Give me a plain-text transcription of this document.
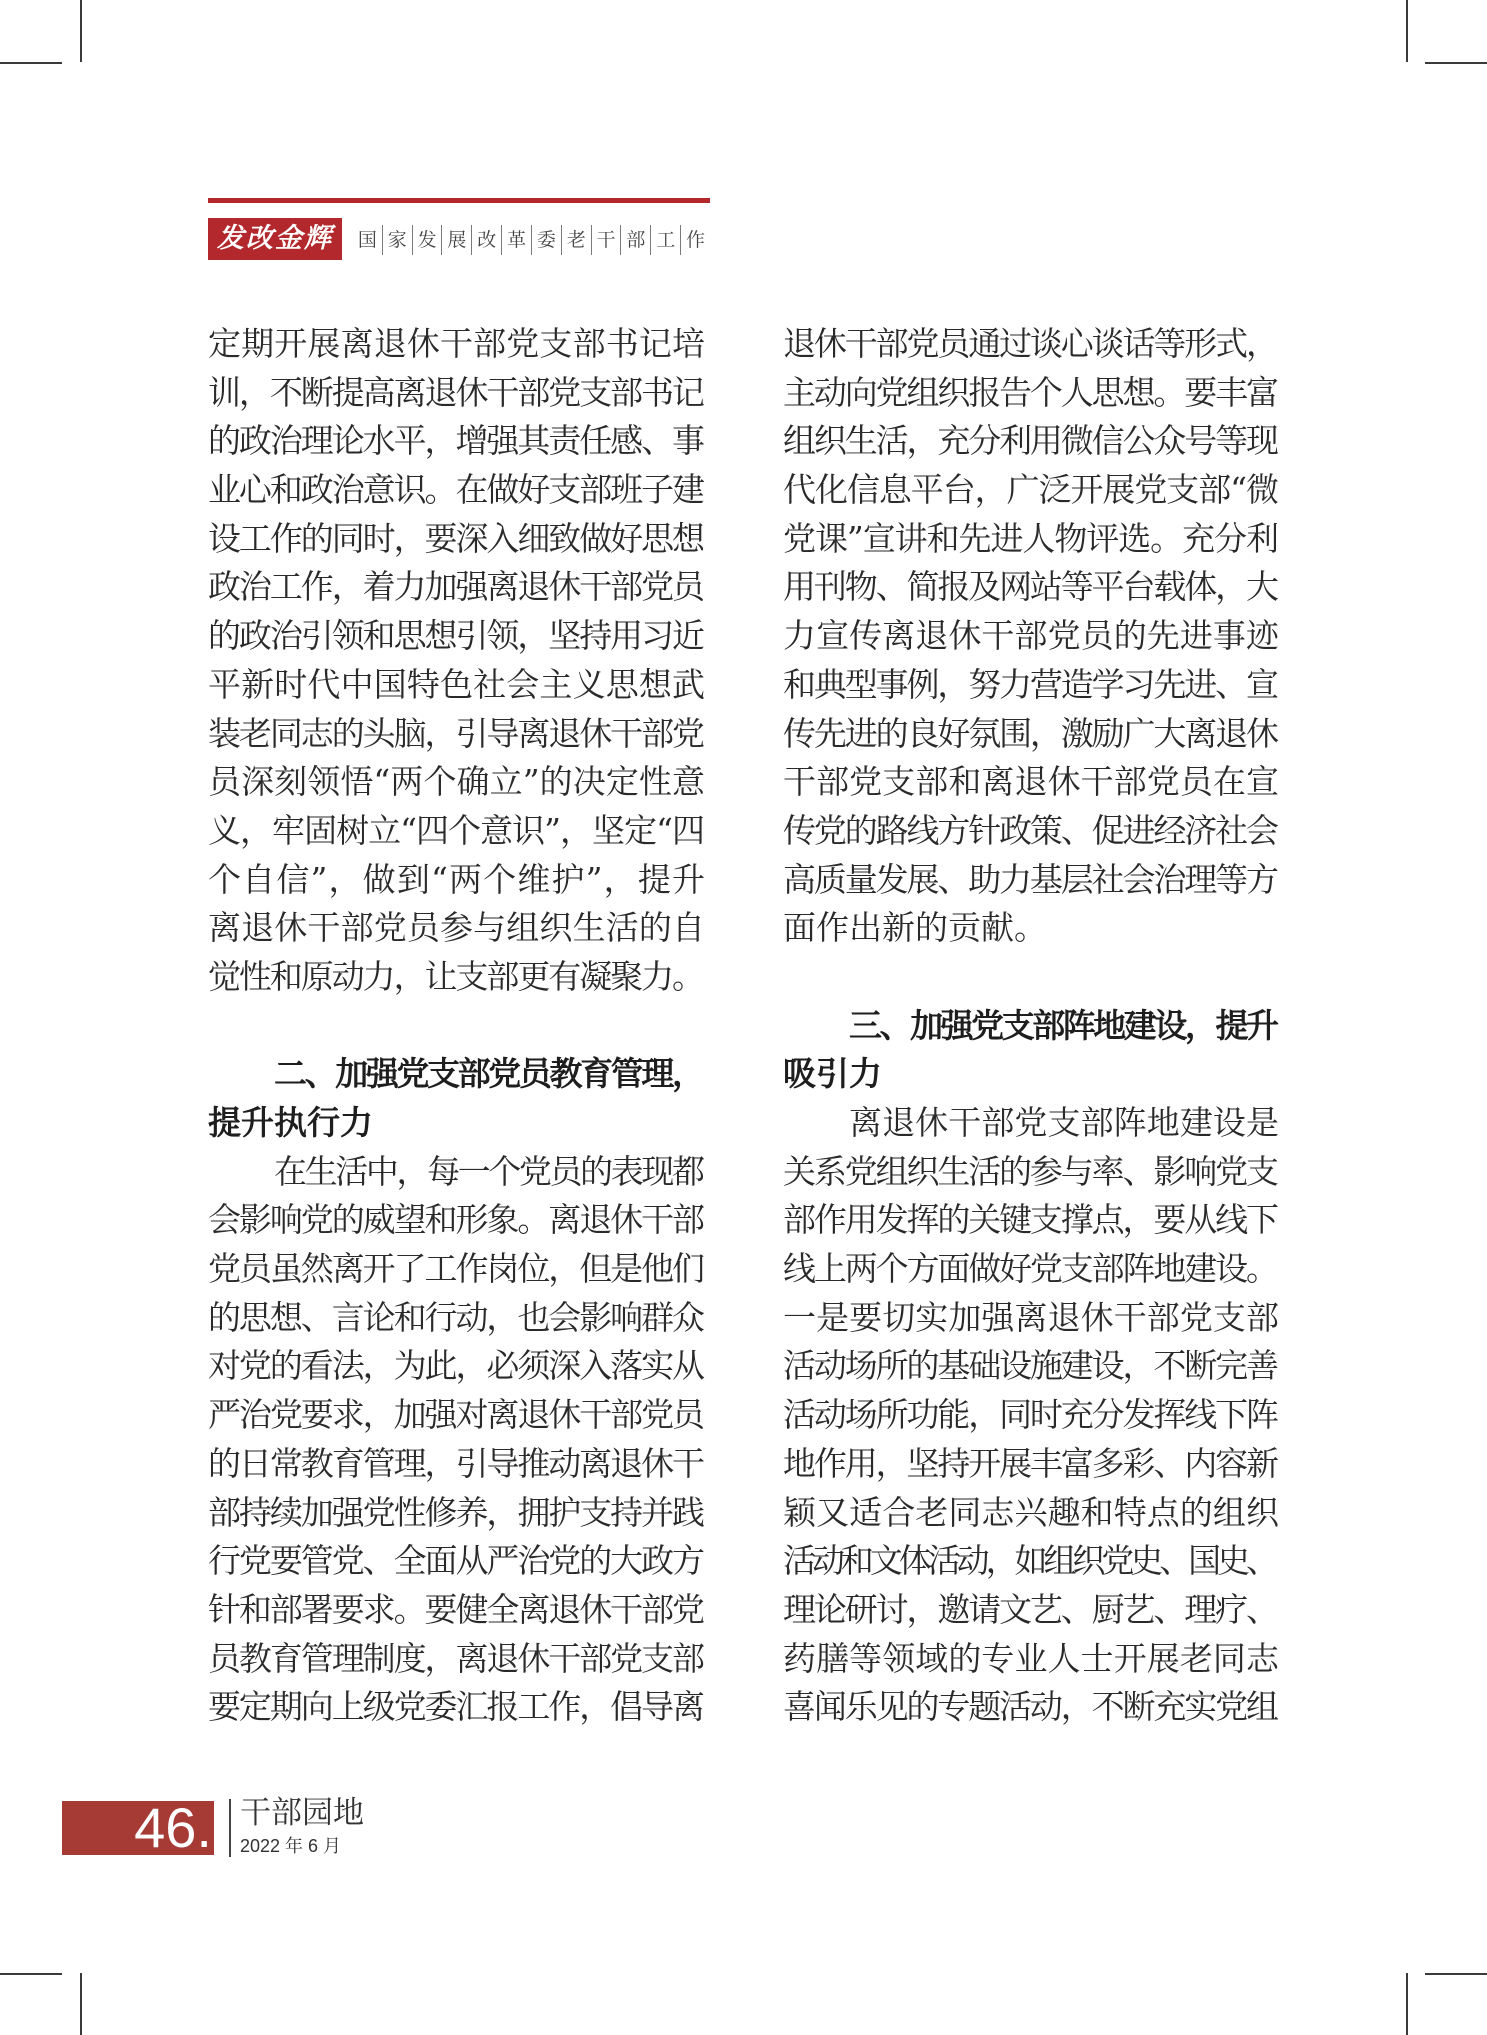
发改金辉 国 家 发 展 改 革 委 老 干 部 工 作
定期开展离退休干部党支部书记培
训，不断提高离退休干部党支部书记
的政治理论水平，增强其责任感、事
业心和政治意识。在做好支部班子建
设工作的同时，要深入细致做好思想
政治工作，着力加强离退休干部党员
的政治引领和思想引领，坚持用习近
平新时代中国特色社会主义思想武
装老同志的头脑，引导离退休干部党
员深刻领悟“两个确立”的决定性意
义，牢固树立“四个意识”，坚定“四
个自信”，做到“两个维护”，提升
离退休干部党员参与组织生活的自
觉性和原动力，让支部更有凝聚力。
二、加强党支部党员教育管理，
提升执行力
在生活中，每一个党员的表现都
会影响党的威望和形象。离退休干部
党员虽然离开了工作岗位，但是他们
的思想、言论和行动，也会影响群众
对党的看法，为此，必须深入落实从
严治党要求，加强对离退休干部党员
的日常教育管理，引导推动离退休干
部持续加强党性修养，拥护支持并践
行党要管党、全面从严治党的大政方
针和部署要求。要健全离退休干部党
员教育管理制度，离退休干部党支部
要定期向上级党委汇报工作，倡导离
退休干部党员通过谈心谈话等形式，
主动向党组织报告个人思想。要丰富
组织生活，充分利用微信公众号等现
代化信息平台，广泛开展党支部“微
党课”宣讲和先进人物评选。充分利
用刊物、简报及网站等平台载体，大
力宣传离退休干部党员的先进事迹
和典型事例，努力营造学习先进、宣
传先进的良好氛围，激励广大离退休
干部党支部和离退休干部党员在宣
传党的路线方针政策、促进经济社会
高质量发展、助力基层社会治理等方
面作出新的贡献。
三、加强党支部阵地建设，提升
吸引力
离退休干部党支部阵地建设是
关系党组织生活的参与率、影响党支
部作用发挥的关键支撑点，要从线下
线上两个方面做好党支部阵地建设。
一是要切实加强离退休干部党支部
活动场所的基础设施建设，不断完善
活动场所功能，同时充分发挥线下阵
地作用，坚持开展丰富多彩、内容新
颖又适合老同志兴趣和特点的组织
活动和文体活动，如组织党史、国史、
理论研讨，邀请文艺、厨艺、理疗、
药膳等领域的专业人士开展老同志
喜闻乐见的专题活动，不断充实党组
46. 干部园地
2022 年 6 月
